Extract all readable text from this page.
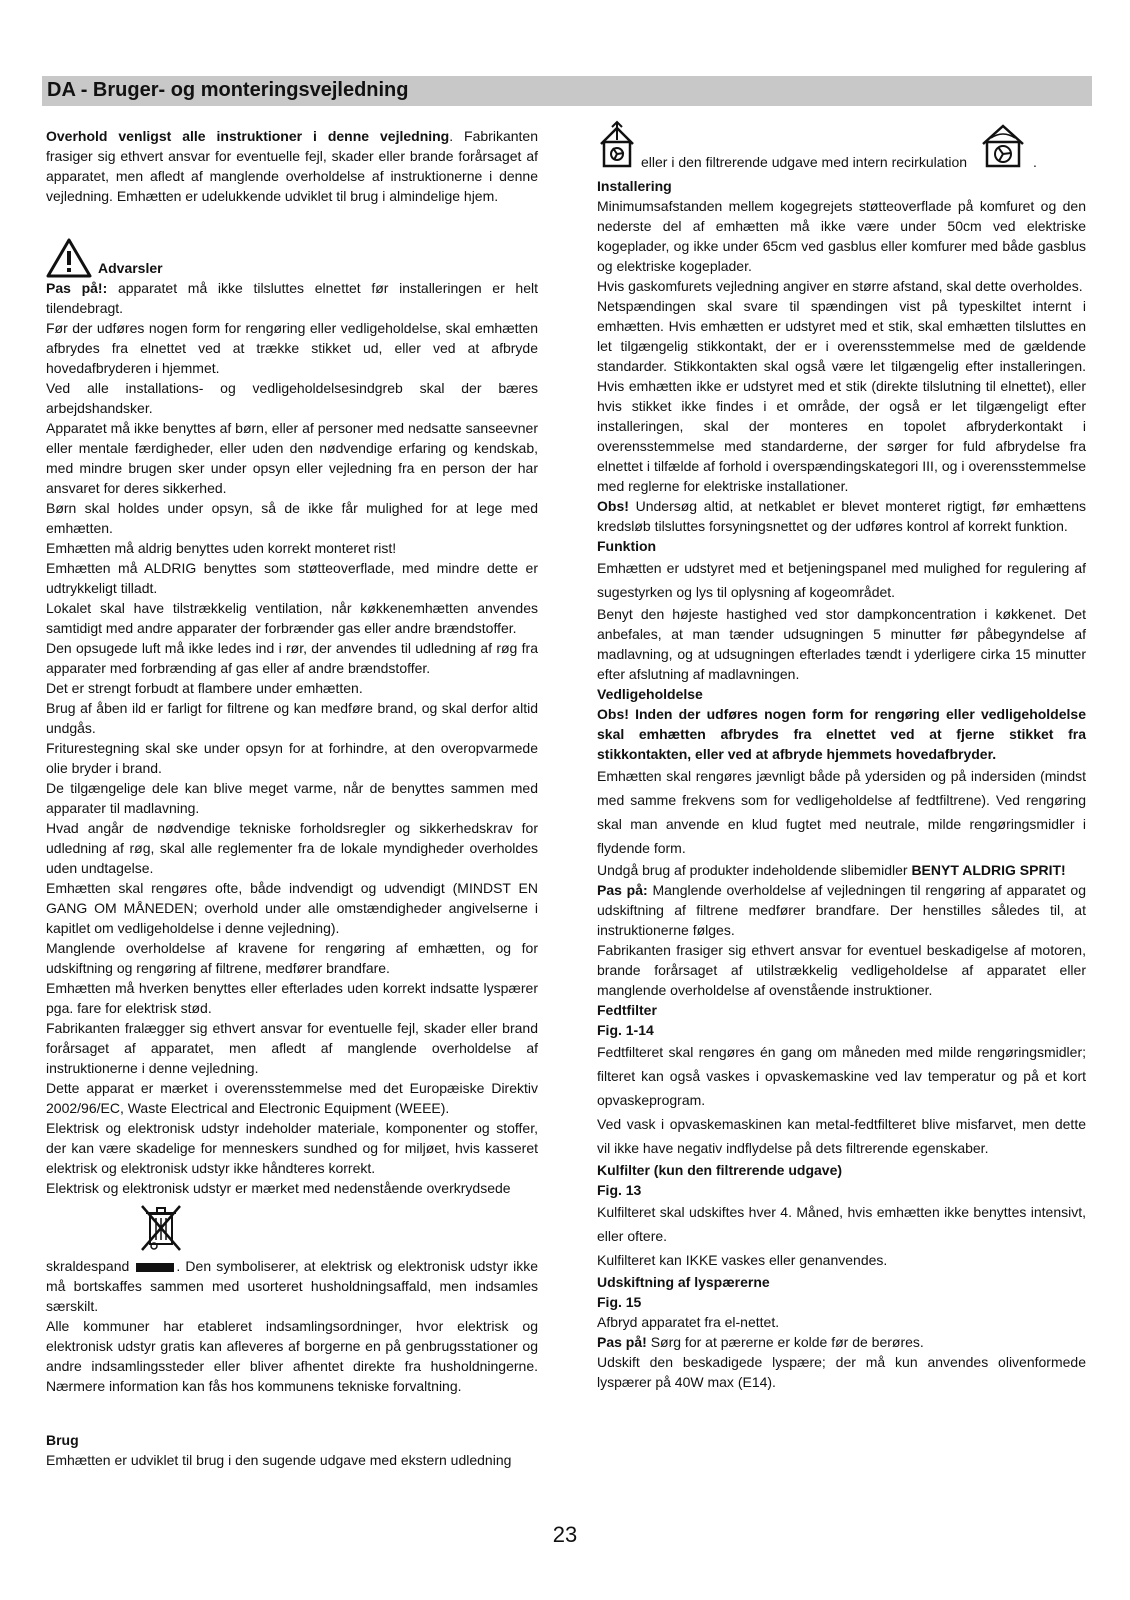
DA - Bruger- og monteringsvejledning

Overhold venligst alle instruktioner i denne vejledning. Fabrikanten frasiger sig ethvert ansvar for eventuelle fejl, skader eller brande forårsaget af apparatet, men afledt af manglende overholdelse af instruktionerne i denne vejledning. Emhætten er udelukkende udviklet til brug i almindelige hjem.

Advarsler

Pas på!: apparatet må ikke tilsluttes elnettet før installeringen er helt tilendebragt.

Før der udføres nogen form for rengøring eller vedligeholdelse, skal emhætten afbrydes fra elnettet ved at trække stikket ud, eller ved at afbryde hovedafbryderen i hjemmet.

Ved alle installations- og vedligeholdelsesindgreb skal der bæres arbejdshandsker.

Apparatet må ikke benyttes af børn, eller af personer med nedsatte sanseevner eller mentale færdigheder, eller uden den nødvendige erfaring og kendskab, med mindre brugen sker under opsyn eller vejledning fra en person der har ansvaret for deres sikkerhed.

Børn skal holdes under opsyn, så de ikke får mulighed for at lege med emhætten.

Emhætten må aldrig benyttes uden korrekt monteret rist!

Emhætten må ALDRIG benyttes som støtteoverflade, med mindre dette er udtrykkeligt tilladt.

Lokalet skal have tilstrækkelig ventilation, når køkkenemhætten anvendes samtidigt med andre apparater der forbrænder gas eller andre brændstoffer.

Den opsugede luft må ikke ledes ind i rør, der anvendes til udledning af røg fra apparater med forbrænding af gas eller af andre brændstoffer.

Det er strengt forbudt at flambere under emhætten.

Brug af åben ild er farligt for filtrene og kan medføre brand, og skal derfor altid undgås.

Friturestegning skal ske under opsyn for at forhindre, at den overopvarmede olie bryder i brand.

De tilgængelige dele kan blive meget varme, når de benyttes sammen med apparater til madlavning.

Hvad angår de nødvendige tekniske forholdsregler og sikkerhedskrav for udledning af røg, skal alle reglementer fra de lokale myndigheder overholdes uden undtagelse.

Emhætten skal rengøres ofte, både indvendigt og udvendigt (MINDST EN GANG OM MÅNEDEN; overhold under alle omstændigheder angivelserne i kapitlet om vedligeholdelse i denne vejledning).

Manglende overholdelse af kravene for rengøring af emhætten, og for udskiftning og rengøring af filtrene, medfører brandfare.

Emhætten må hverken benyttes eller efterlades uden korrekt indsatte lyspærer pga. fare for elektrisk stød.

Fabrikanten fralægger sig ethvert ansvar for eventuelle fejl, skader eller brand forårsaget af apparatet, men afledt af manglende overholdelse af instruktionerne i denne vejledning.

Dette apparat er mærket i overensstemmelse med det Europæiske Direktiv 2002/96/EC, Waste Electrical and Electronic Equipment (WEEE).

Elektrisk og elektronisk udstyr indeholder materiale, komponenter og stoffer, der kan være skadelige for menneskers sundhed og for miljøet, hvis kasseret elektrisk og elektronisk udstyr ikke håndteres korrekt.

Elektrisk og elektronisk udstyr er mærket med nedenstående overkrydsede

skraldespand	. Den symboliserer, at elektrisk og elektronisk udstyr ikke må bortskaffes sammen med usorteret husholdningsaffald, men indsamles særskilt.

Alle kommuner har etableret indsamlingsordninger, hvor elektrisk og elektronisk udstyr gratis kan afleveres af borgerne en på genbrugsstationer og andre indsamlingssteder eller bliver afhentet direkte fra husholdningerne. Nærmere information kan fås hos kommunens tekniske forvaltning.

Brug

Emhætten er udviklet til brug i den sugende udgave med ekstern udledning

eller i den filtrerende udgave med intern recirkulation	.

Installering

Minimumsafstanden mellem kogegrejets støtteoverflade på komfuret og den nederste del af emhætten må ikke være under 50cm ved elektriske kogeplader, og ikke under 65cm ved gasblus eller komfurer med både gasblus og elektriske kogeplader.

Hvis gaskomfurets vejledning angiver en større afstand, skal dette overholdes.

Netspændingen skal svare til spændingen vist på typeskiltet internt i emhætten. Hvis emhætten er udstyret med et stik, skal emhætten tilsluttes en let tilgængelig stikkontakt, der er i overensstemmelse med de gældende standarder. Stikkontakten skal også være let tilgængelig efter installeringen. Hvis emhætten ikke er udstyret med et stik (direkte tilslutning til elnettet), eller hvis stikket ikke findes i et område, der også er let tilgængeligt efter installeringen, skal der monteres en topolet afbryderkontakt i overensstemmelse med standarderne, der sørger for fuld afbrydelse fra elnettet i tilfælde af forhold i overspændingskategori III, og i overensstemmelse med reglerne for elektriske installationer.

Obs! Undersøg altid, at netkablet er blevet monteret rigtigt, før emhættens kredsløb tilsluttes forsyningsnettet og der udføres kontrol af korrekt funktion.

Funktion

Emhætten er udstyret med et betjeningspanel med mulighed for regulering af sugestyrken og lys til oplysning af kogeområdet.

Benyt den højeste hastighed ved stor dampkoncentration i køkkenet. Det anbefales, at man tænder udsugningen 5 minutter før påbegyndelse af madlavning, og at udsugningen efterlades tændt i yderligere cirka 15 minutter efter afslutning af madlavningen.

Vedligeholdelse

Obs! Inden der udføres nogen form for rengøring eller vedligeholdelse skal emhætten afbrydes fra elnettet ved at fjerne stikket fra stikkontakten, eller ved at afbryde hjemmets hovedafbryder.

Emhætten skal rengøres jævnligt både på ydersiden og på indersiden (mindst med samme frekvens som for vedligeholdelse af fedtfiltrene). Ved rengøring skal man anvende en klud fugtet med neutrale, milde rengøringsmidler i flydende form.

Undgå brug af produkter indeholdende slibemidler BENYT ALDRIG SPRIT!

Pas på: Manglende overholdelse af vejledningen til rengøring af apparatet og udskiftning af filtrene medfører brandfare. Der henstilles således til, at instruktionerne følges.

Fabrikanten frasiger sig ethvert ansvar for eventuel beskadigelse af motoren, brande forårsaget af utilstrækkelig vedligeholdelse af apparatet eller manglende overholdelse af ovenstående instruktioner.

Fedtfilter

Fig. 1-14

Fedtfilteret skal rengøres én gang om måneden med milde rengøringsmidler; filteret kan også vaskes i opvaskemaskine ved lav temperatur og på et kort opvaskeprogram.

Ved vask i opvaskemaskinen kan metal-fedtfilteret blive misfarvet, men dette vil ikke have negativ indflydelse på dets filtrerende egenskaber.

Kulfilter (kun den filtrerende udgave)

Fig. 13

Kulfilteret skal udskiftes hver 4. Måned, hvis emhætten ikke benyttes intensivt, eller oftere.

Kulfilteret kan IKKE vaskes eller genanvendes.

Udskiftning af lyspærerne

Fig. 15

Afbryd apparatet fra el-nettet.

Pas på! Sørg for at pærerne er kolde før de berøres.

Udskift den beskadigede lyspære; der må kun anvendes olivenformede lyspærer på 40W max (E14).

23
